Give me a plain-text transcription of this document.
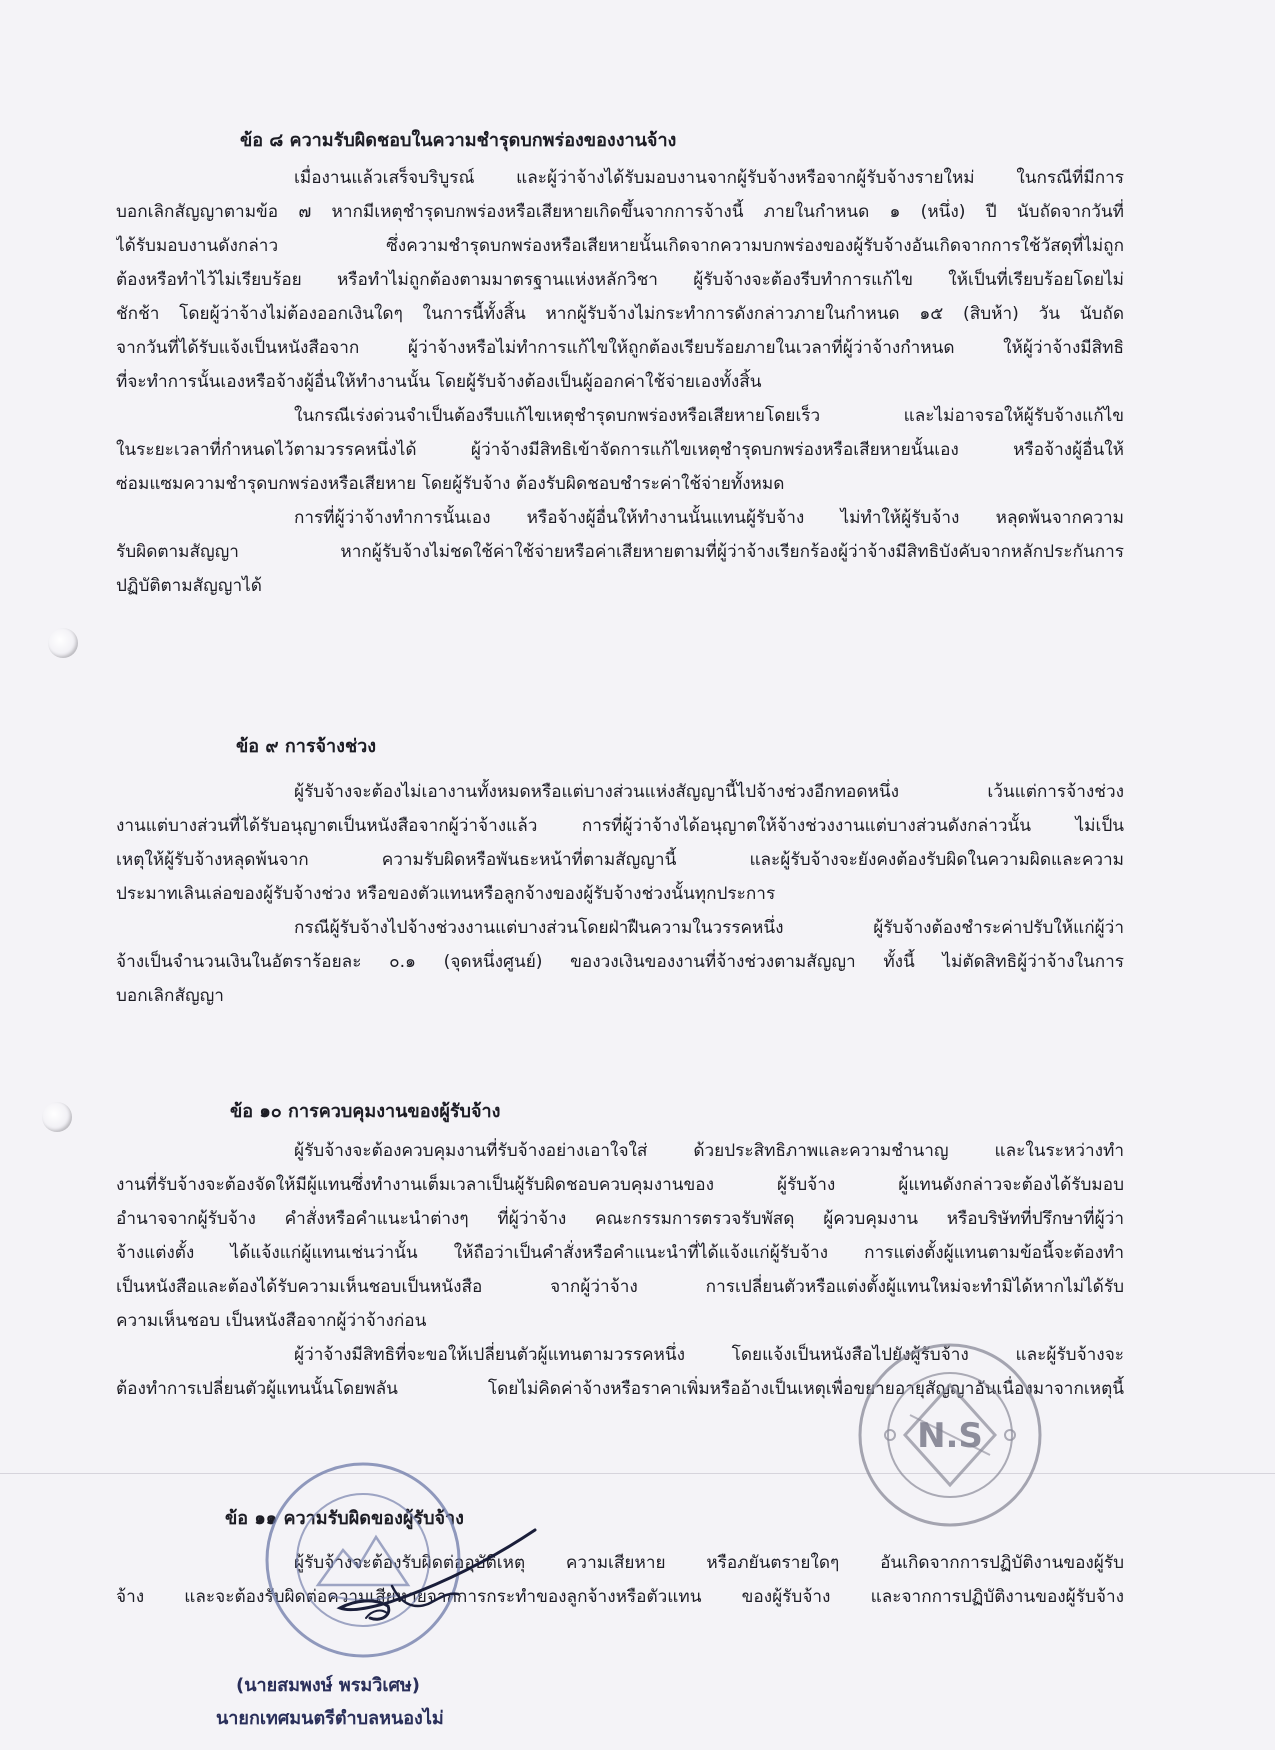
ข้อ ๘ ความรับผิดชอบในความชำรุดบกพร่องของงานจ้าง
เมื่องานแล้วเสร็จบริบูรณ์ และผู้ว่าจ้างได้รับมอบงานจากผู้รับจ้างหรือจากผู้รับจ้างรายใหม่ ในกรณีที่มีการ
บอกเลิกสัญญาตามข้อ ๗ หากมีเหตุชำรุดบกพร่องหรือเสียหายเกิดขึ้นจากการจ้างนี้ ภายในกำหนด ๑ (หนึ่ง) ปี นับถัดจากวันที่
ได้รับมอบงานดังกล่าว ซึ่งความชำรุดบกพร่องหรือเสียหายนั้นเกิดจากความบกพร่องของผู้รับจ้างอันเกิดจากการใช้วัสดุที่ไม่ถูก
ต้องหรือทำไว้ไม่เรียบร้อย หรือทำไม่ถูกต้องตามมาตรฐานแห่งหลักวิชา ผู้รับจ้างจะต้องรีบทำการแก้ไข ให้เป็นที่เรียบร้อยโดยไม่
ชักช้า โดยผู้ว่าจ้างไม่ต้องออกเงินใดๆ ในการนี้ทั้งสิ้น หากผู้รับจ้างไม่กระทำการดังกล่าวภายในกำหนด ๑๕ (สิบห้า) วัน นับถัด
จากวันที่ได้รับแจ้งเป็นหนังสือจาก ผู้ว่าจ้างหรือไม่ทำการแก้ไขให้ถูกต้องเรียบร้อยภายในเวลาที่ผู้ว่าจ้างกำหนด ให้ผู้ว่าจ้างมีสิทธิ
ที่จะทำการนั้นเองหรือจ้างผู้อื่นให้ทำงานนั้น โดยผู้รับจ้างต้องเป็นผู้ออกค่าใช้จ่ายเองทั้งสิ้น
ในกรณีเร่งด่วนจำเป็นต้องรีบแก้ไขเหตุชำรุดบกพร่องหรือเสียหายโดยเร็ว และไม่อาจรอให้ผู้รับจ้างแก้ไข
ในระยะเวลาที่กำหนดไว้ตามวรรคหนึ่งได้ ผู้ว่าจ้างมีสิทธิเข้าจัดการแก้ไขเหตุชำรุดบกพร่องหรือเสียหายนั้นเอง หรือจ้างผู้อื่นให้
ซ่อมแซมความชำรุดบกพร่องหรือเสียหาย โดยผู้รับจ้าง ต้องรับผิดชอบชำระค่าใช้จ่ายทั้งหมด
การที่ผู้ว่าจ้างทำการนั้นเอง หรือจ้างผู้อื่นให้ทำงานนั้นแทนผู้รับจ้าง ไม่ทำให้ผู้รับจ้าง หลุดพ้นจากความ
รับผิดตามสัญญา หากผู้รับจ้างไม่ชดใช้ค่าใช้จ่ายหรือค่าเสียหายตามที่ผู้ว่าจ้างเรียกร้องผู้ว่าจ้างมีสิทธิบังคับจากหลักประกันการ
ปฏิบัติตามสัญญาได้
ข้อ ๙ การจ้างช่วง
ผู้รับจ้างจะต้องไม่เอางานทั้งหมดหรือแต่บางส่วนแห่งสัญญานี้ไปจ้างช่วงอีกทอดหนึ่ง เว้นแต่การจ้างช่วง
งานแต่บางส่วนที่ได้รับอนุญาตเป็นหนังสือจากผู้ว่าจ้างแล้ว การที่ผู้ว่าจ้างได้อนุญาตให้จ้างช่วงงานแต่บางส่วนดังกล่าวนั้น ไม่เป็น
เหตุให้ผู้รับจ้างหลุดพ้นจาก ความรับผิดหรือพันธะหน้าที่ตามสัญญานี้ และผู้รับจ้างจะยังคงต้องรับผิดในความผิดและความ
ประมาทเลินเล่อของผู้รับจ้างช่วง หรือของตัวแทนหรือลูกจ้างของผู้รับจ้างช่วงนั้นทุกประการ
กรณีผู้รับจ้างไปจ้างช่วงงานแต่บางส่วนโดยฝ่าฝืนความในวรรคหนึ่ง ผู้รับจ้างต้องชำระค่าปรับให้แก่ผู้ว่า
จ้างเป็นจำนวนเงินในอัตราร้อยละ ๐.๑ (จุดหนึ่งศูนย์) ของวงเงินของงานที่จ้างช่วงตามสัญญา ทั้งนี้ ไม่ตัดสิทธิผู้ว่าจ้างในการ
บอกเลิกสัญญา
ข้อ ๑๐ การควบคุมงานของผู้รับจ้าง
ผู้รับจ้างจะต้องควบคุมงานที่รับจ้างอย่างเอาใจใส่ ด้วยประสิทธิภาพและความชำนาญ และในระหว่างทำ
งานที่รับจ้างจะต้องจัดให้มีผู้แทนซึ่งทำงานเต็มเวลาเป็นผู้รับผิดชอบควบคุมงานของ ผู้รับจ้าง ผู้แทนดังกล่าวจะต้องได้รับมอบ
อำนาจจากผู้รับจ้าง คำสั่งหรือคำแนะนำต่างๆ ที่ผู้ว่าจ้าง คณะกรรมการตรวจรับพัสดุ ผู้ควบคุมงาน หรือบริษัทที่ปรึกษาที่ผู้ว่า
จ้างแต่งตั้ง ได้แจ้งแก่ผู้แทนเช่นว่านั้น ให้ถือว่าเป็นคำสั่งหรือคำแนะนำที่ได้แจ้งแก่ผู้รับจ้าง การแต่งตั้งผู้แทนตามข้อนี้จะต้องทำ
เป็นหนังสือและต้องได้รับความเห็นชอบเป็นหนังสือ จากผู้ว่าจ้าง การเปลี่ยนตัวหรือแต่งตั้งผู้แทนใหม่จะทำมิได้หากไม่ได้รับ
ความเห็นชอบ เป็นหนังสือจากผู้ว่าจ้างก่อน
ผู้ว่าจ้างมีสิทธิที่จะขอให้เปลี่ยนตัวผู้แทนตามวรรคหนึ่ง โดยแจ้งเป็นหนังสือไปยังผู้รับจ้าง และผู้รับจ้างจะ
ต้องทำการเปลี่ยนตัวผู้แทนนั้นโดยพลัน โดยไม่คิดค่าจ้างหรือราคาเพิ่มหรืออ้างเป็นเหตุเพื่อขยายอายุสัญญาอันเนื่องมาจากเหตุนี้
ข้อ ๑๑ ความรับผิดของผู้รับจ้าง
ผู้รับจ้างจะต้องรับผิดต่ออุบัติเหตุ ความเสียหาย หรือภยันตรายใดๆ อันเกิดจากการปฏิบัติงานของผู้รับ
จ้าง และจะต้องรับผิดต่อความเสียหายจากการกระทำของลูกจ้างหรือตัวแทน ของผู้รับจ้าง และจากการปฏิบัติงานของผู้รับจ้าง
N.S
(นายสมพงษ์ พรมวิเศษ)
นายกเทศมนตรีตำบลหนองไม่
